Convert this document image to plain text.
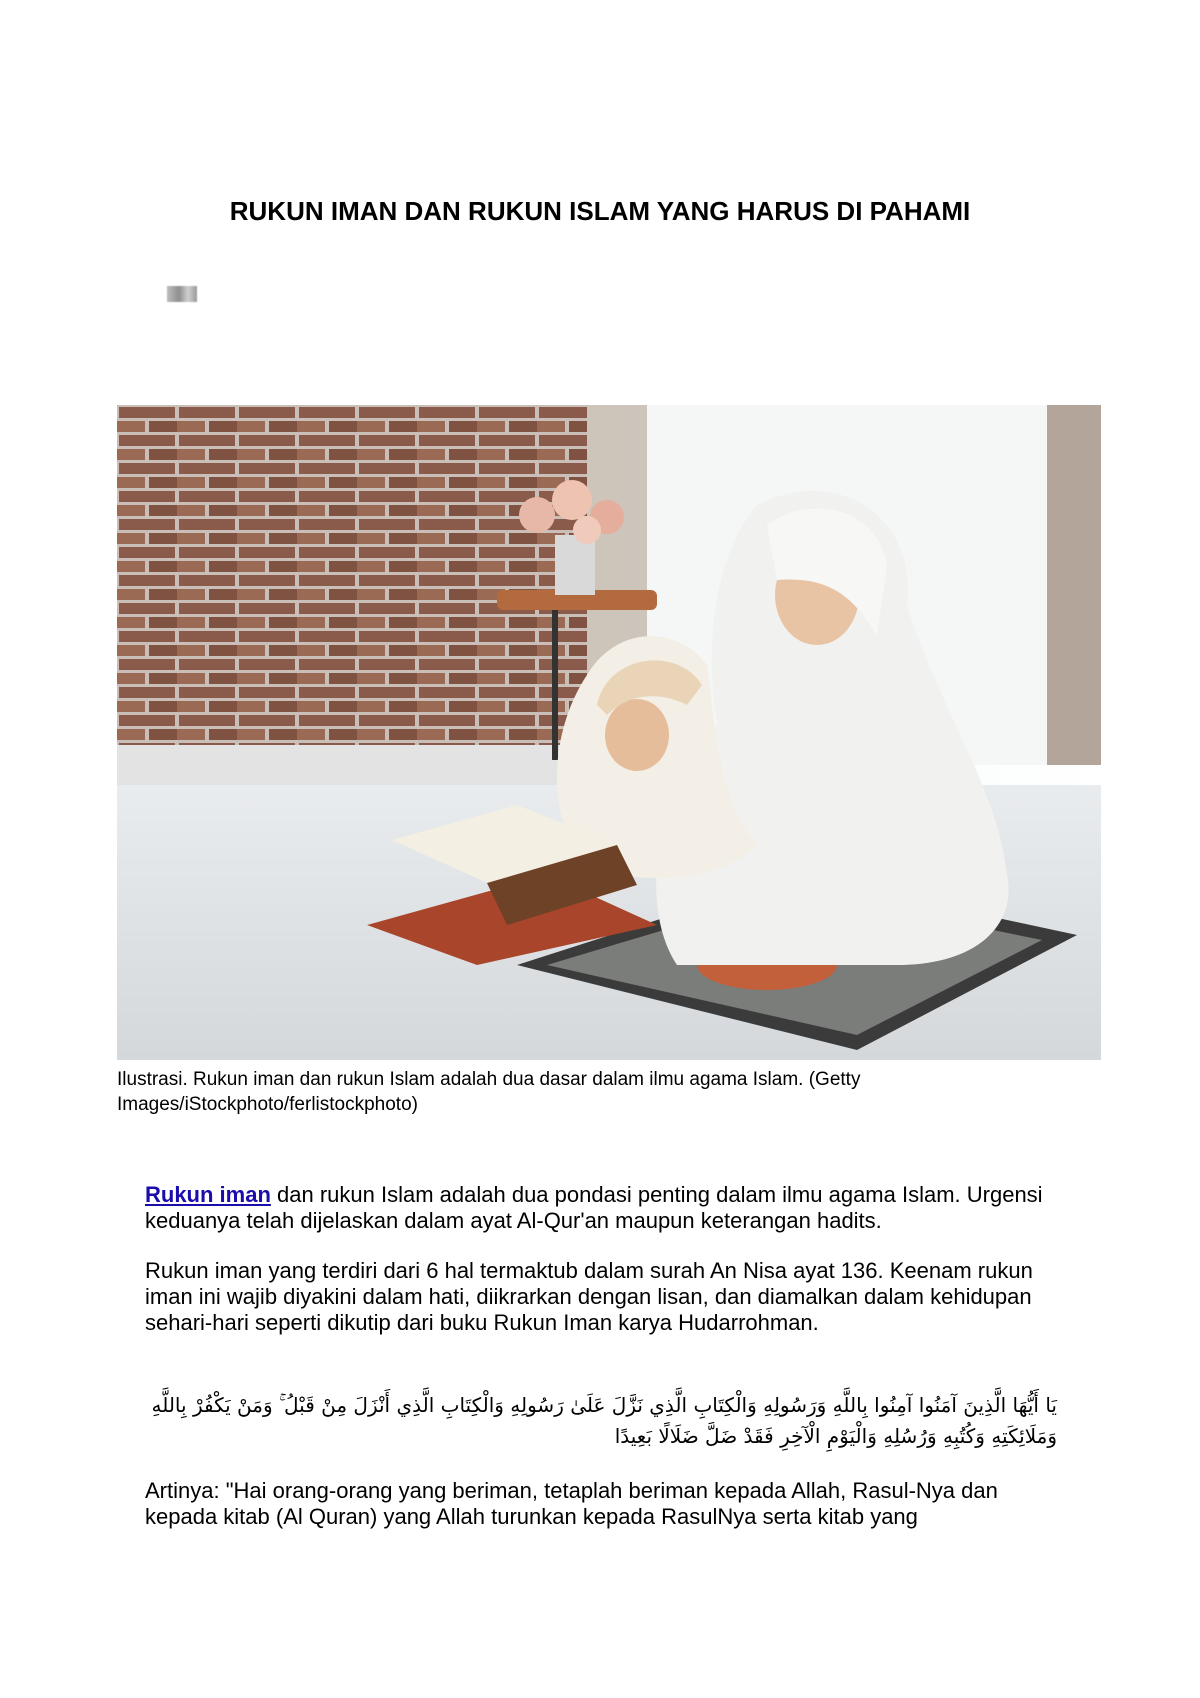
RUKUN IMAN DAN RUKUN ISLAM YANG HARUS DI PAHAMI
Ilustrasi. Rukun iman dan rukun Islam adalah dua dasar dalam ilmu agama Islam. (Getty Images/iStockphoto/ferlistockphoto)
Rukun iman dan rukun Islam adalah dua pondasi penting dalam ilmu agama Islam. Urgensi keduanya telah dijelaskan dalam ayat Al-Qur'an maupun keterangan hadits.
Rukun iman yang terdiri dari 6 hal termaktub dalam surah An Nisa ayat 136. Keenam rukun iman ini wajib diyakini dalam hati, diikrarkan dengan lisan, dan diamalkan dalam kehidupan sehari-hari seperti dikutip dari buku Rukun Iman karya Hudarrohman.
يَا أَيُّهَا الَّذِينَ آمَنُوا آمِنُوا بِاللَّهِ وَرَسُولِهِ وَالْكِتَابِ الَّذِي نَزَّلَ عَلَىٰ رَسُولِهِ وَالْكِتَابِ الَّذِي أَنْزَلَ مِنْ قَبْلُ ۚ وَمَنْ يَكْفُرْ بِاللَّهِ وَمَلَائِكَتِهِ وَكُتُبِهِ وَرُسُلِهِ وَالْيَوْمِ الْآخِرِ فَقَدْ ضَلَّ ضَلَالًا بَعِيدًا
Artinya: "Hai orang-orang yang beriman, tetaplah beriman kepada Allah, Rasul-Nya dan kepada kitab (Al Quran) yang Allah turunkan kepada RasulNya serta kitab yang
